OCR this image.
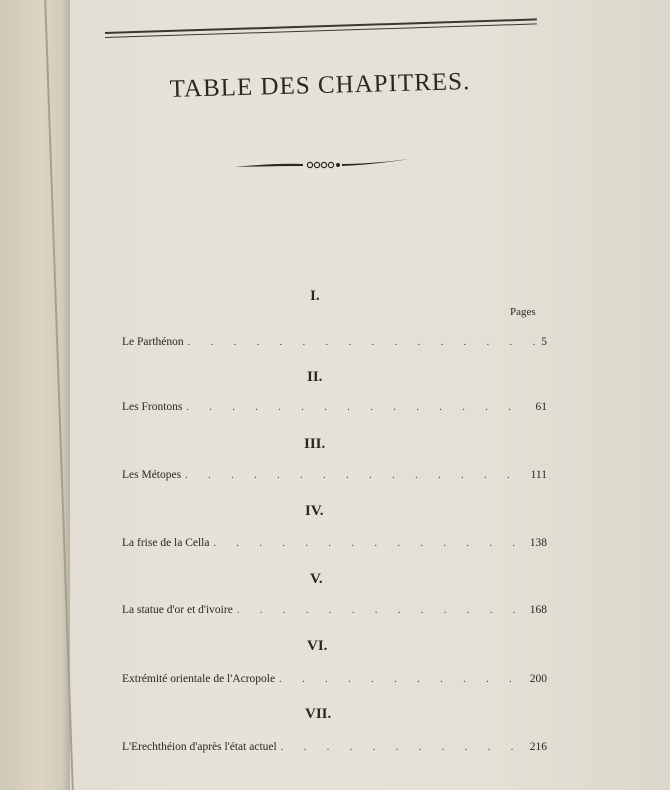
TABLE DES CHAPITRES.
Pages
I.
Le Parthénon . . .	5
II.
Les Frontons . . .	61
III.
Les Métopes . . .	111
IV.
La frise de la Cella . . .	138
V.
La statue d'or et d'ivoire . . .	168
VI.
Extrémité orientale de l'Acropole . . .	200
VII.
L'Erechthéion d'après l'état actuel . . .	216
